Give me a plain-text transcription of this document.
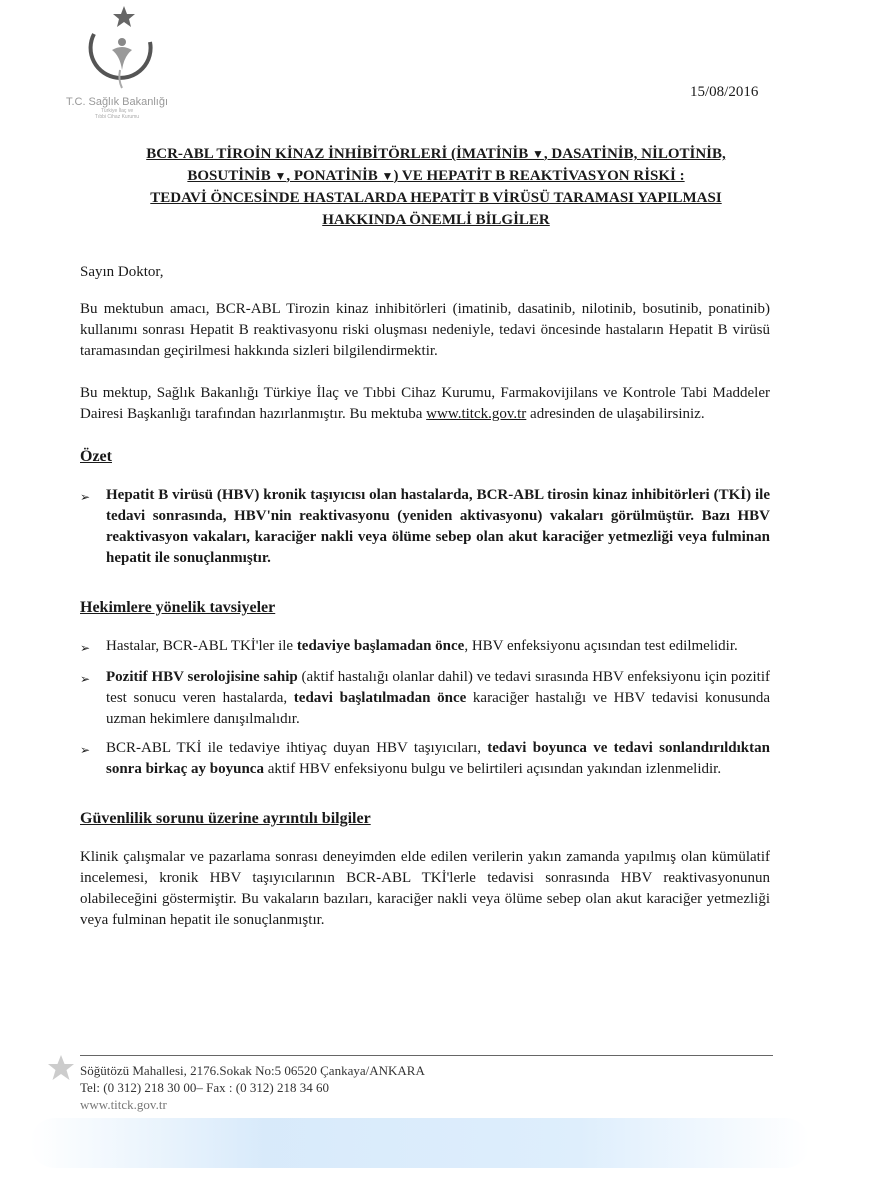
T.C. Sağlık Bakanlığı
Türkiye İlaç ve
Tıbbi Cihaz Kurumu
15/08/2016
BCR-ABL TİROİN KİNAZ İNHİBİTÖRLERİ (İMATİNİB ▼, DASATİNİB, NİLOTİNİB,
BOSUTİNİB ▼, PONATİNİB ▼) VE HEPATİT B REAKTİVASYON RİSKİ :
TEDAVİ ÖNCESİNDE HASTALARDA HEPATİT B VİRÜSÜ TARAMASI YAPILMASI
HAKKINDA ÖNEMLİ BİLGİLER

Sayın Doktor,

Bu mektubun amacı, BCR-ABL Tirozin kinaz inhibitörleri (imatinib, dasatinib, nilotinib, bosutinib, ponatinib) kullanımı sonrası Hepatit B reaktivasyonu riski oluşması nedeniyle, tedavi öncesinde hastaların Hepatit B virüsü taramasından geçirilmesi hakkında sizleri bilgilendirmektir.

Bu mektup, Sağlık Bakanlığı Türkiye İlaç ve Tıbbi Cihaz Kurumu, Farmakovijilans ve Kontrole Tabi Maddeler Dairesi Başkanlığı tarafından hazırlanmıştır. Bu mektuba www.titck.gov.tr adresinden de ulaşabilirsiniz.

Özet
➢	Hepatit B virüsü (HBV) kronik taşıyıcısı olan hastalarda, BCR-ABL tirosin kinaz inhibitörleri (TKİ) ile tedavi sonrasında, HBV'nin reaktivasyonu (yeniden aktivasyonu) vakaları görülmüştür. Bazı HBV reaktivasyon vakaları, karaciğer nakli veya ölüme sebep olan akut karaciğer yetmezliği veya fulminan hepatit ile sonuçlanmıştır.
Hekimlere yönelik tavsiyeler
➢	Hastalar, BCR-ABL TKİ'ler ile tedaviye başlamadan önce, HBV enfeksiyonu açısından test edilmelidir.
➢	Pozitif HBV serolojisine sahip (aktif hastalığı olanlar dahil) ve tedavi sırasında HBV enfeksiyonu için pozitif test sonucu veren hastalarda, tedavi başlatılmadan önce karaciğer hastalığı ve HBV tedavisi konusunda uzman hekimlere danışılmalıdır.
➢	BCR-ABL TKİ ile tedaviye ihtiyaç duyan HBV taşıyıcıları, tedavi boyunca ve tedavi sonlandırıldıktan sonra birkaç ay boyunca aktif HBV enfeksiyonu bulgu ve belirtileri açısından yakından izlenmelidir.
Güvenlilik sorunu üzerine ayrıntılı bilgiler

Klinik çalışmalar ve pazarlama sonrası deneyimden elde edilen verilerin yakın zamanda yapılmış olan kümülatif incelemesi, kronik HBV taşıyıcılarının BCR-ABL TKİ'lerle tedavisi sonrasında HBV reaktivasyonunun olabileceğini göstermiştir. Bu vakaların bazıları, karaciğer nakli veya ölüme sebep olan akut karaciğer yetmezliği veya fulminan hepatit ile sonuçlanmıştır.

Söğütözü Mahallesi, 2176.Sokak No:5 06520 Çankaya/ANKARA
Tel: (0 312) 218 30 00– Fax : (0 312) 218 34 60
www.titck.gov.tr
